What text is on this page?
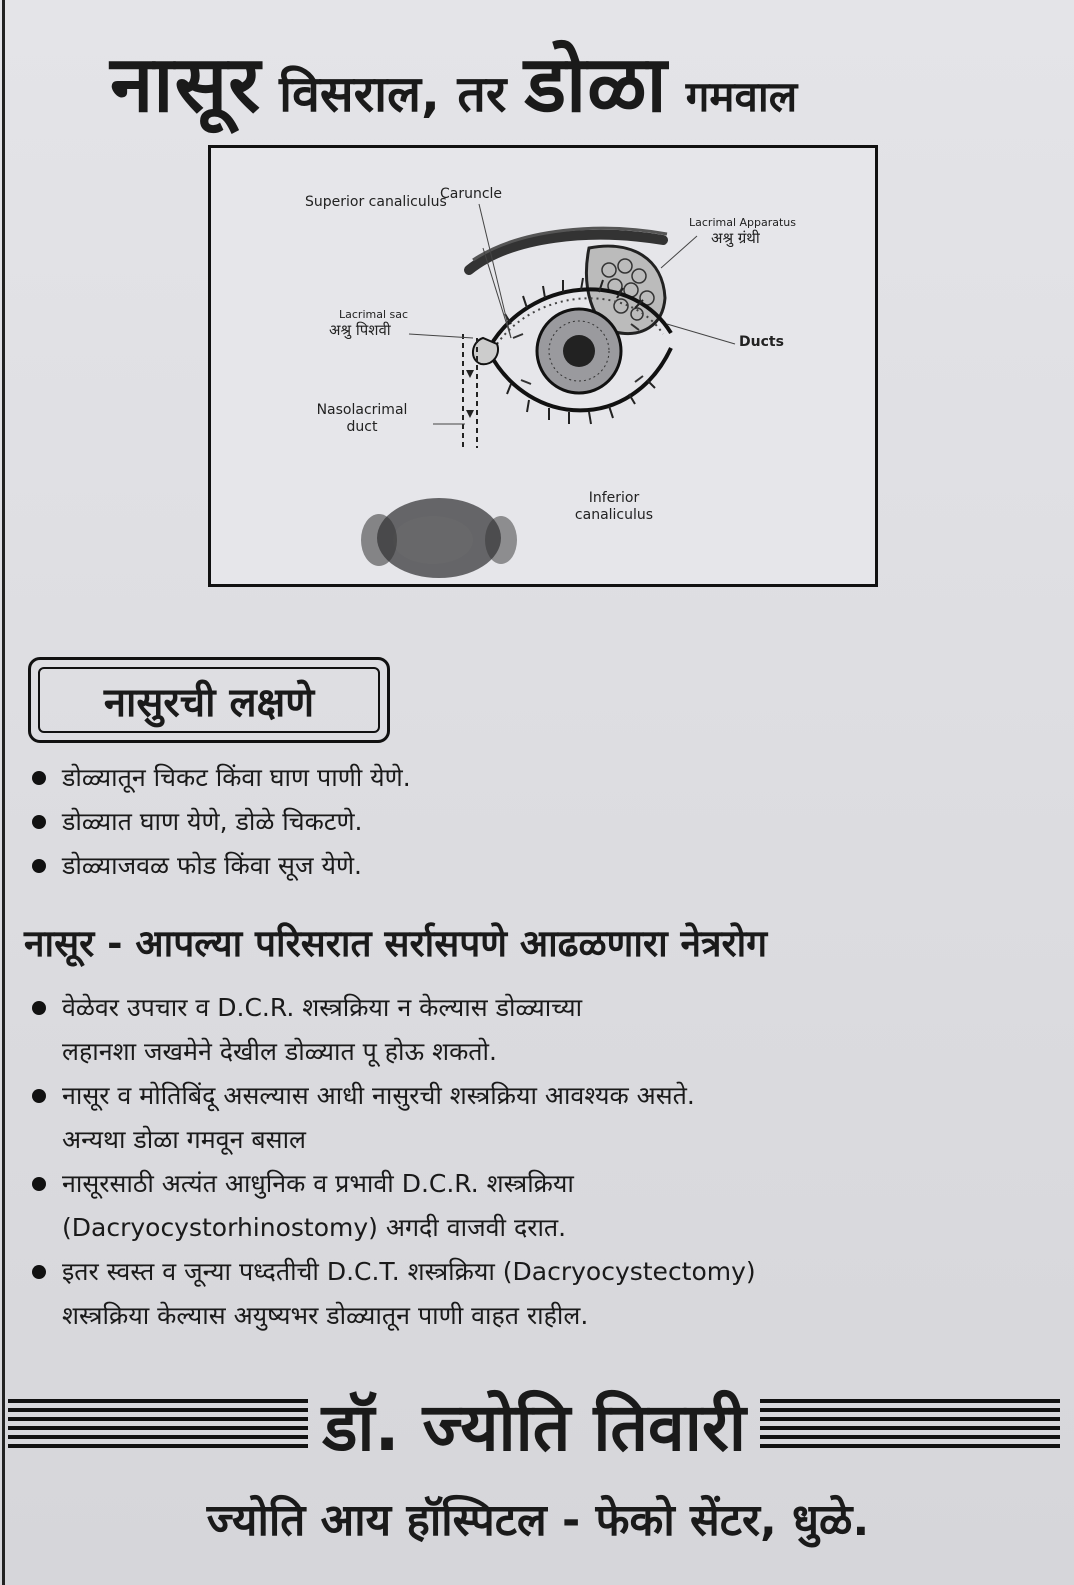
नासूर विसराल, तर डोळा गमवाल
Superior canaliculus
Caruncle
Lacrimal Apparatus
अश्रु ग्रंथी
Lacrimal sac
अश्रु पिशवी
Ducts
Nasolacrimal duct
Inferior canaliculus
नासुरची लक्षणे
डोळ्यातून चिकट किंवा घाण पाणी येणे.
डोळ्यात घाण येणे, डोळे चिकटणे.
डोळ्याजवळ फोड किंवा सूज येणे.
नासूर - आपल्या परिसरात सर्रासपणे आढळणारा नेत्ररोग
वेळेवर उपचार व D.C.R. शस्त्रक्रिया न केल्यास डोळ्याच्या
लहानशा जखमेने देखील डोळ्यात पू होऊ शकतो.
नासूर व मोतिबिंदू असल्यास आधी नासुरची शस्त्रक्रिया आवश्यक असते.
अन्यथा डोळा गमवून बसाल
नासूरसाठी अत्यंत आधुनिक व प्रभावी D.C.R. शस्त्रक्रिया
(Dacryocystorhinostomy) अगदी वाजवी दरात.
इतर स्वस्त व जून्या पध्दतीची D.C.T. शस्त्रक्रिया (Dacryocystectomy)
शस्त्रक्रिया केल्यास अयुष्यभर डोळ्यातून पाणी वाहत राहील.
डॉ. ज्योति तिवारी
ज्योति आय हॉस्पिटल - फेको सेंटर, धुळे.
